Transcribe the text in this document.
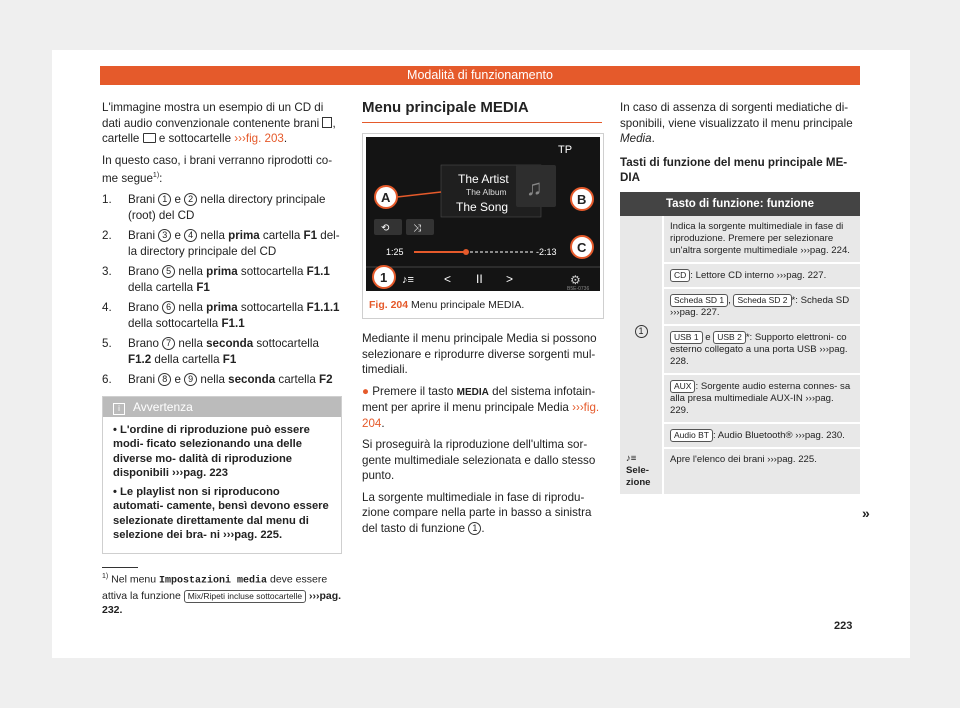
Modalità di funzionamento

L'immagine mostra un esempio di un CD di dati audio convenzionale contenente brani , cartelle e sottocartelle ›››fig. 203.

In questo caso, i brani verranno riprodotti co- me segue$^{1)}$:

1. Brani 1 e 2 nella directory principale (root) del CD
2. Brani 3 e 4 nella prima cartella F1 del- la directory principale del CD
3. Brano 5 nella prima sottocartella F1.1 della cartella F1
4. Brano 6 nella prima sottocartella F1.1.1 della sottocartella F1.1
5. Brano 7 nella seconda sottocartella F1.2 della cartella F1
6. Brani 8 e 9 nella seconda cartella F2
i Avvertenza
• L'ordine di riproduzione può essere modi- ficato selezionando una delle diverse mo- dalità di riproduzione disponibili ›››pag. 223
• Le playlist non si riproducono automati- camente, bensì devono essere selezionate direttamente dal menu di selezione dei bra- ni ›››pag. 225.
Menu principale MEDIA
TP
The Artist
The Album
The Song
♫
⟲ ⤨
1:25	-2:13
♪≡	< II >	⚙
B5E-0736
A	B
C
1
Fig. 204 Menu principale MEDIA.

Mediante il menu principale Media si possono selezionare e riprodurre diverse sorgenti mul- timediali.

● Premere il tasto MEDIA del sistema infotain- ment per aprire il menu principale Media ›››fig. 204.

Si proseguirà la riproduzione dell'ultima sor- gente multimediale selezionata e dallo stesso punto.

La sorgente multimediale in fase di riprodu- zione compare nella parte in basso a sinistra del tasto di funzione 1 .

In caso di assenza di sorgenti mediatiche di- sponibili, viene visualizzato il menu principale Media.

Tasti di funzione del menu principale ME- DIA

Tasto di funzione: funzione	
1	Indica la sorgente multimediale in fase di riproduzione. Premere per selezionare un'altra sorgente multimediale ›››pag. 224.
	CD : Lettore CD interno ›››pag. 227.
	Scheda SD 1 , Scheda SD 2 *: Scheda SD ›››pag. 227.
	USB 1 e USB 2 *: Supporto elettroni- co esterno collegato a una porta USB ›››pag. 228.
	AUX : Sorgente audio esterna connes- sa alla presa multimediale AUX-IN ›››pag. 229.
	Audio BT : Audio Bluetooth® ›››pag. 230.
♪≡ Sele- zione	Apre l'elenco dei brani ›››pag. 225.
»
$^{1)}$ Nel menu Impostazioni media deve essere attiva la funzione Mix/Ripeti incluse sottocartelle ›››pag. 232.
223
